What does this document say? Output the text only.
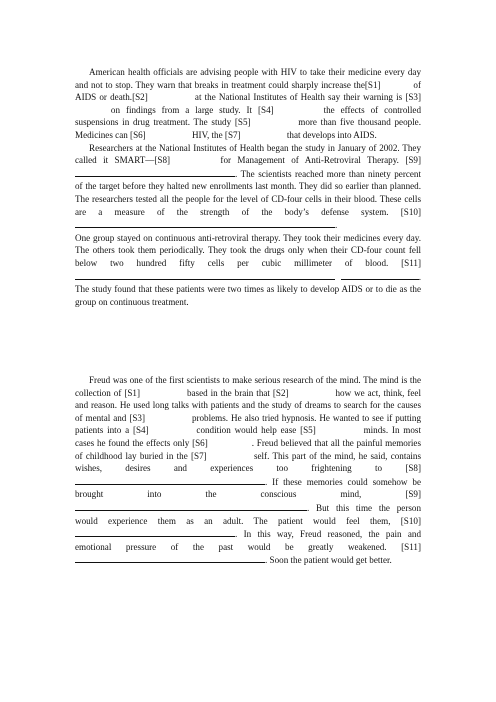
American health officials are advising people with HIV to take their medicine every day and not to stop. They warn that breaks in treatment could sharply increase the[S1]	of AIDS or death.[S2]	at the National Institutes of Health say their warning is [S3] on findings from a large study. It [S4]	the effects of controlled suspensions in drug treatment. The study [S5]	more than five thousand people. Medicines can [S6]	HIV, the [S7]	that develops into AIDS.

Researchers at the National Institutes of Health began the study in January of 2002. They called it SMART—[S8]	for Management of Anti-Retroviral Therapy. [S9] . The scientists reached more than ninety percent of the target before they halted new enrollments last month. They did so earlier than planned. The researchers tested all the people for the level of CD-four cells in their blood. These cells are a measure of the strength of the body’s defense system. [S10] .

One group stayed on continuous anti-retroviral therapy. They took their medicines every day. The others took them periodically. They took the drugs only when their CD-four count fell below two hundred fifty cells per cubic millimeter of blood. [S11] . The study found that these patients were two times as likely to develop AIDS or to die as the group on continuous treatment.

Freud was one of the first scientists to make serious research of the mind. The mind is the collection of [S1]	based in the brain that [S2]	how we act, think, feel and reason. He used long talks with patients and the study of dreams to search for the causes of mental and [S3]	problems. He also tried hypnosis. He wanted to see if putting patients into a [S4]	condition would help ease [S5]	minds. In most cases he found the effects only [S6]	. Freud believed that all the painful memories of childhood lay buried in the [S7]	self. This part of the mind, he said, contains wishes, desires and experiences too frightening to [S8] . If these memories could somehow be brought into the conscious mind, [S9] . But this time the person would experience them as an adult. The patient would feel them, [S10] . In this way, Freud reasoned, the pain and emotional pressure of the past would be greatly weakened. [S11] . Soon the patient would get better.
